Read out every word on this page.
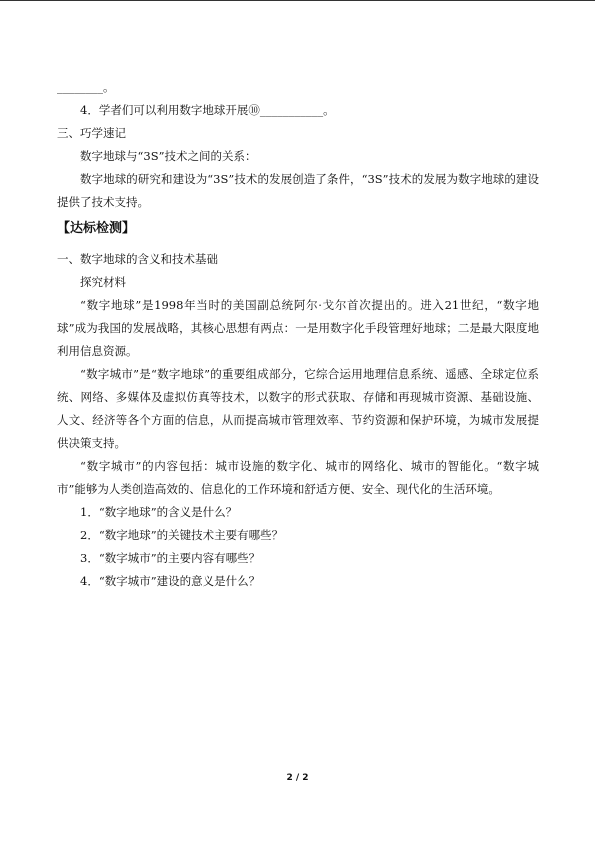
________。
4．学者们可以利用数字地球开展⑩___________。
三、巧学速记
数字地球与“3S”技术之间的关系：
数字地球的研究和建设为“3S”技术的发展创造了条件，“3S”技术的发展为数字地球的建设提供了技术支持。
【达标检测】
一、数字地球的含义和技术基础
探究材料
“数字地球”是1998年当时的美国副总统阿尔·戈尔首次提出的。进入21世纪，“数字地球”成为我国的发展战略，其核心思想有两点：一是用数字化手段管理好地球；二是最大限度地利用信息资源。
“数字城市”是“数字地球”的重要组成部分，它综合运用地理信息系统、遥感、全球定位系统、网络、多媒体及虚拟仿真等技术，以数字的形式获取、存储和再现城市资源、基础设施、人文、经济等各个方面的信息，从而提高城市管理效率、节约资源和保护环境，为城市发展提供决策支持。
“数字城市”的内容包括：城市设施的数字化、城市的网络化、城市的智能化。“数字城市”能够为人类创造高效的、信息化的工作环境和舒适方便、安全、现代化的生活环境。
1．“数字地球”的含义是什么？
2．“数字地球”的关键技术主要有哪些？
3．“数字城市”的主要内容有哪些？
4．“数字城市”建设的意义是什么？
2 / 2
